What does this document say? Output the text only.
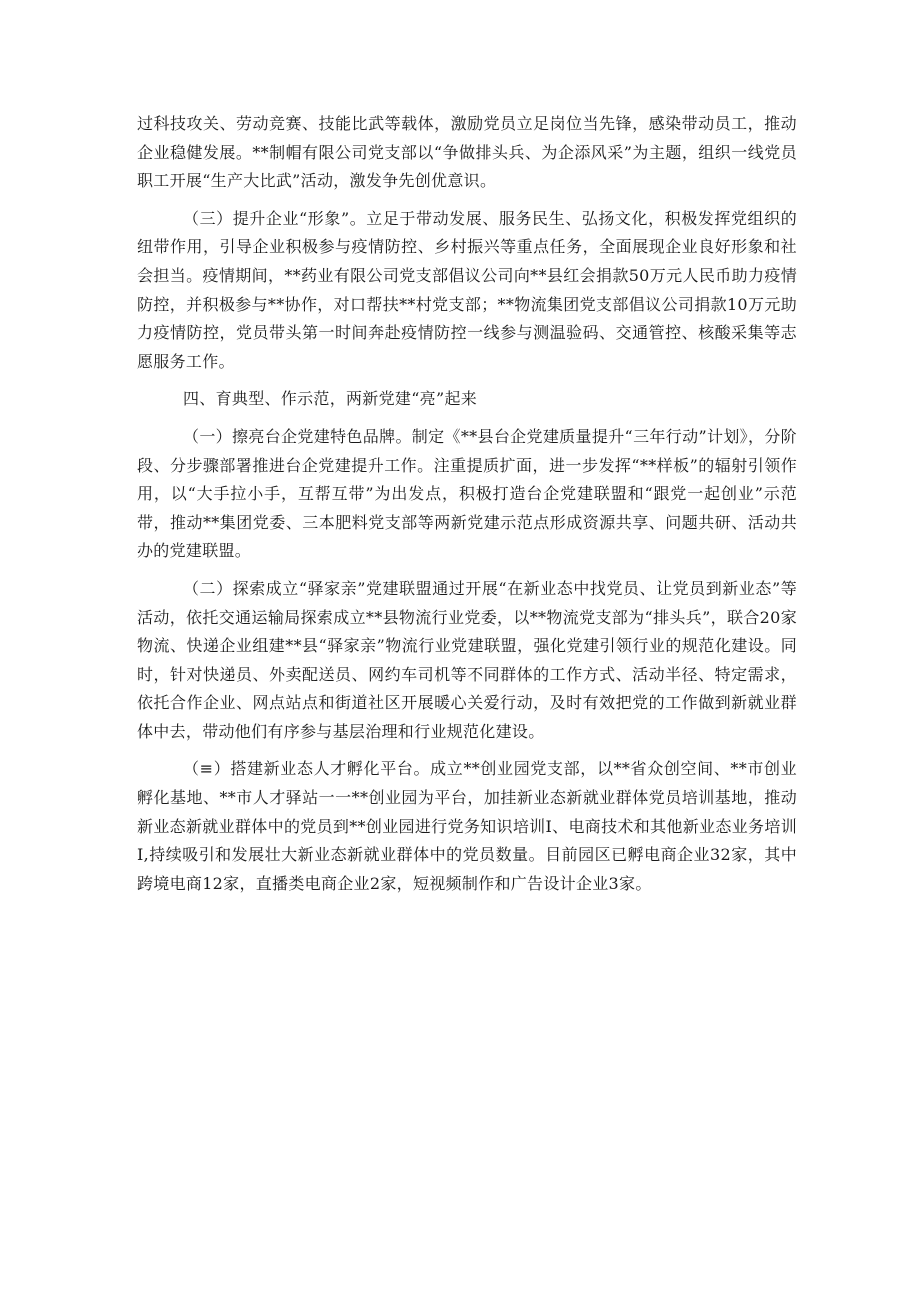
过科技攻关、劳动竞赛、技能比武等载体，激励党员立足岗位当先锋，感染带动员工，推动企业稳健发展。**制帽有限公司党支部以“争做排头兵、为企添风采”为主题，组织一线党员职工开展“生产大比武”活动，激发争先创优意识。

（三）提升企业“形象”。立足于带动发展、服务民生、弘扬文化，积极发挥党组织的纽带作用，引导企业积极参与疫情防控、乡村振兴等重点任务，全面展现企业良好形象和社会担当。疫情期间，**药业有限公司党支部倡议公司向**县红会捐款50万元人民币助力疫情防控，并积极参与**协作，对口帮扶**村党支部；**物流集团党支部倡议公司捐款10万元助力疫情防控，党员带头第一时间奔赴疫情防控一线参与测温验码、交通管控、核酸采集等志愿服务工作。

四、育典型、作示范，两新党建“亮”起来

（一）擦亮台企党建特色品牌。制定《**县台企党建质量提升“三年行动”计划》，分阶段、分步骤部署推进台企党建提升工作。注重提质扩面，进一步发挥“**样板”的辐射引领作用，以“大手拉小手，互帮互带”为出发点，积极打造台企党建联盟和“跟党一起创业”示范带，推动**集团党委、三本肥料党支部等两新党建示范点形成资源共享、问题共研、活动共办的党建联盟。

（二）探索成立“驿家亲”党建联盟通过开展“在新业态中找党员、让党员到新业态”等活动，依托交通运输局探索成立**县物流行业党委，以**物流党支部为“排头兵”，联合20家物流、快递企业组建**县“驿家亲”物流行业党建联盟，强化党建引领行业的规范化建设。同时，针对快递员、外卖配送员、网约车司机等不同群体的工作方式、活动半径、特定需求，依托合作企业、网点站点和街道社区开展暖心关爱行动，及时有效把党的工作做到新就业群体中去，带动他们有序参与基层治理和行业规范化建设。

（≡）搭建新业态人才孵化平台。成立**创业园党支部，以**省众创空间、**市创业孵化基地、**市人才驿站一一**创业园为平台，加挂新业态新就业群体党员培训基地，推动新业态新就业群体中的党员到**创业园进行党务知识培训I、电商技术和其他新业态业务培训I,持续吸引和发展壮大新业态新就业群体中的党员数量。目前园区已孵电商企业32家，其中跨境电商12家，直播类电商企业2家，短视频制作和广告设计企业3家。
